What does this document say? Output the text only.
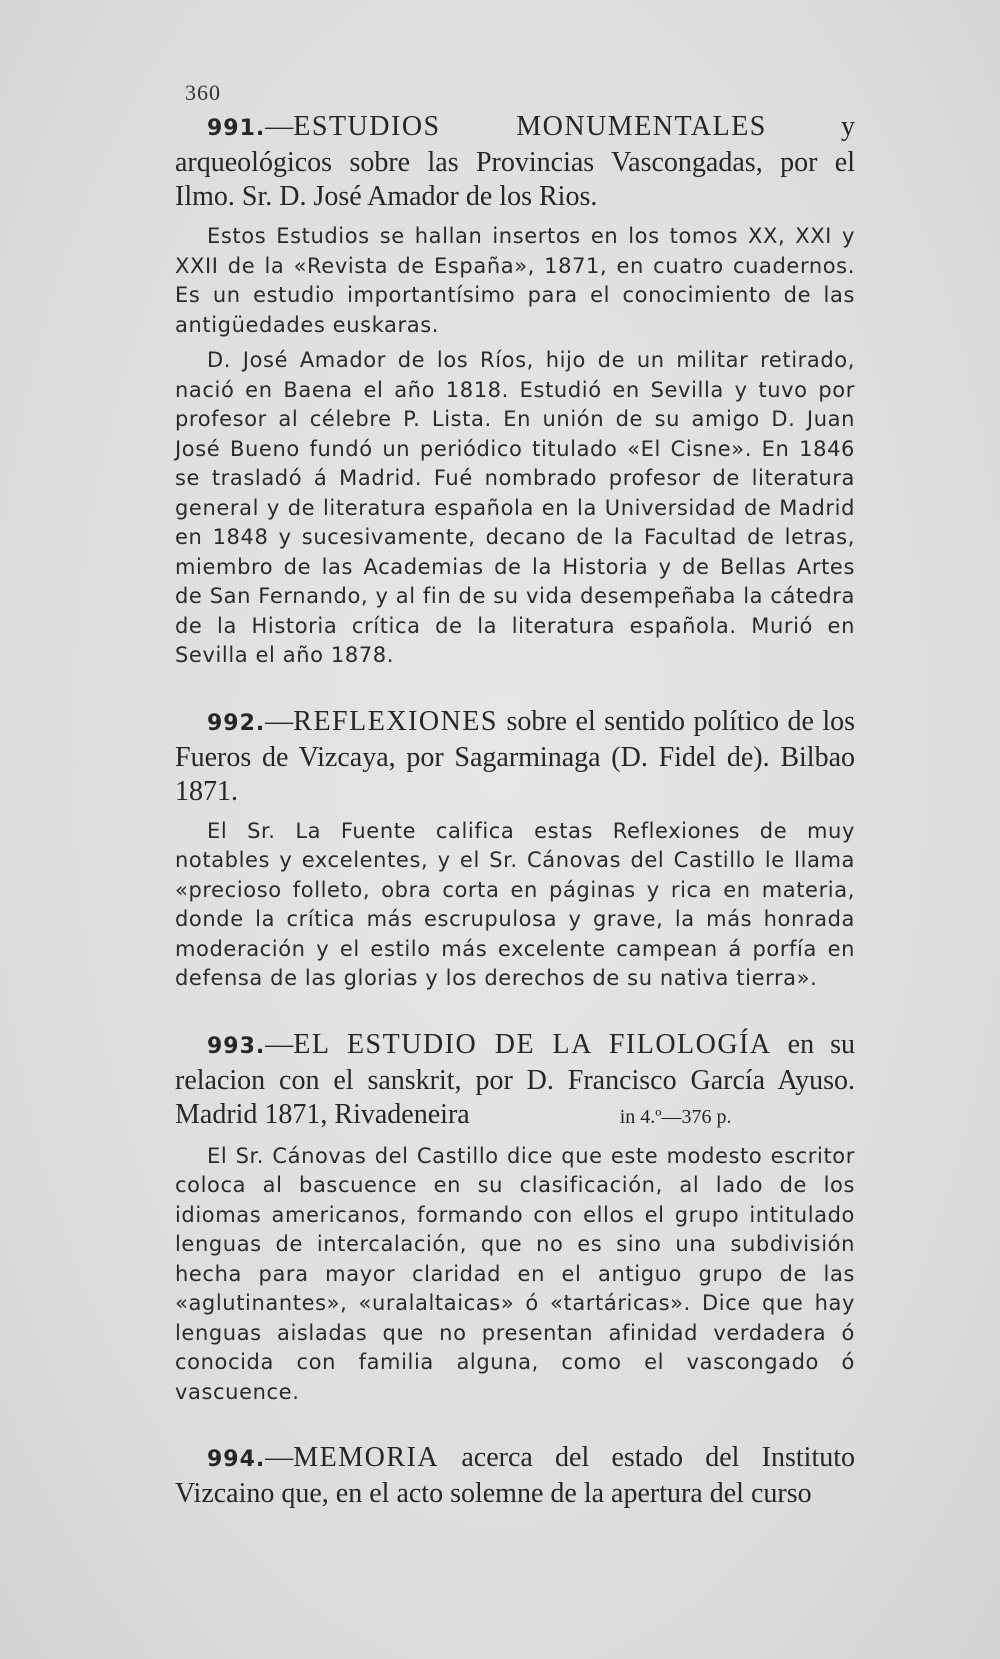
360

991.—ESTUDIOS MONUMENTALES y arqueológicos sobre las Provincias Vascongadas, por el Ilmo. Sr. D. José Amador de los Rios.

Estos Estudios se hallan insertos en los tomos XX, XXI y XXII de la «Revista de España», 1871, en cuatro cuadernos. Es un estudio importantísimo para el conocimiento de las antigüedades euskaras.

D. José Amador de los Ríos, hijo de un militar retirado, nació en Baena el año 1818. Estudió en Sevilla y tuvo por profesor al célebre P. Lista. En unión de su amigo D. Juan José Bueno fundó un periódico titulado «El Cisne». En 1846 se trasladó á Madrid. Fué nombrado profesor de literatura general y de literatura española en la Universidad de Madrid en 1848 y sucesivamente, decano de la Facultad de letras, miembro de las Academias de la Historia y de Bellas Artes de San Fernando, y al fin de su vida desempeñaba la cátedra de la Historia crítica de la literatura española. Murió en Sevilla el año 1878.

992.—REFLEXIONES sobre el sentido político de los Fueros de Vizcaya, por Sagarminaga (D. Fidel de). Bilbao 1871.

El Sr. La Fuente califica estas Reflexiones de muy notables y excelentes, y el Sr. Cánovas del Castillo le llama «precioso folleto, obra corta en páginas y rica en materia, donde la crítica más escrupulosa y grave, la más honrada moderación y el estilo más excelente campean á porfía en defensa de las glorias y los derechos de su nativa tierra».

993.—EL ESTUDIO DE LA FILOLOGÍA en su relacion con el sanskrit, por D. Francisco García Ayuso. Madrid 1871, Rivadeneira	in 4.º—376 p.

El Sr. Cánovas del Castillo dice que este modesto escritor coloca al bascuence en su clasificación, al lado de los idiomas americanos, formando con ellos el grupo intitulado lenguas de intercalación, que no es sino una subdivisión hecha para mayor claridad en el antiguo grupo de las «aglutinantes», «uralaltaicas» ó «tartáricas». Dice que hay lenguas aisladas que no presentan afinidad verdadera ó conocida con familia alguna, como el vascongado ó vascuence.

994.—MEMORIA acerca del estado del Instituto Vizcaino que, en el acto solemne de la apertura del curso
